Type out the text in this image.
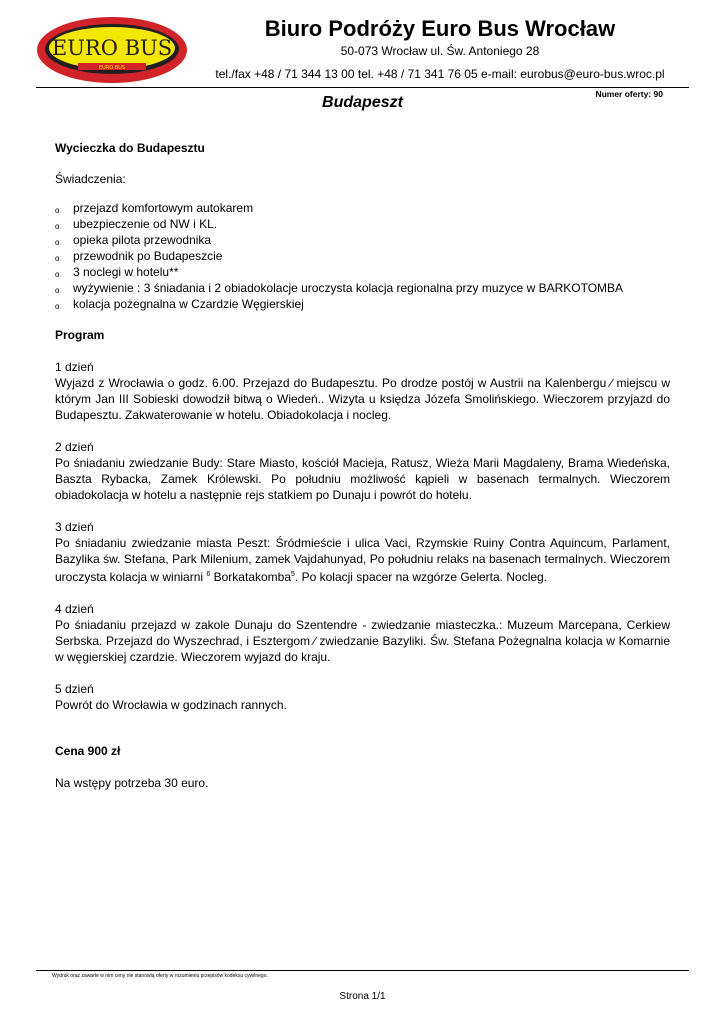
EURO BUS
EURO BUS
Biuro Podróży Euro Bus Wrocław
50-073 Wrocław ul. Św. Antoniego 28
tel./fax +48 / 71 344 13 00 tel. +48 / 71 341 76 05 e-mail: eurobus@euro-bus.wroc.pl
Budapeszt	Numer oferty: 90

Wycieczka do Budapesztu

Świadczenia:

o przejazd komfortowym autokarem
o ubezpieczenie od NW i KL.
o opieka pilota przewodnika
o przewodnik po Budapeszcie
o 3 noclegi w hotelu**
o wyżywienie : 3 śniadania i 2 obiadokolacje uroczysta kolacja regionalna przy muzyce w BARKOTOMBA
o kolacja pożegnalna w Czardzie Węgierskiej

Program

1 dzień

Wyjazd z Wrocławia o godz. 6.00. Przejazd do Budapesztu. Po drodze postój w Austrii na Kalenbergu ∕ miejscu w którym Jan III Sobieski dowodził bitwą o Wiedeń.. Wizyta u księdza Józefa Smolińskiego. Wieczorem przyjazd do Budapesztu. Zakwaterowanie w hotelu. Obiadokolacja i nocleg.

2 dzień

Po śniadaniu zwiedzanie Budy: Stare Miasto, kościół Macieja, Ratusz, Wieża Marii Magdaleny, Brama Wiedeńska, Baszta Rybacka, Zamek Królewski. Po południu możliwość kąpieli w basenach termalnych. Wieczorem obiadokolacja w hotelu a następnie rejs statkiem po Dunaju i powrót do hotelu.

3 dzień

Po śniadaniu zwiedzanie miasta Peszt: Śródmieście i ulica Vaci, Rzymskie Ruiny Contra Aquincum, Parlament, Bazylika św. Stefana, Park Milenium, zamek Vajdahunyad, Po południu relaks na basenach termalnych. Wieczorem uroczysta kolacja w winiarni $^6$ Borkatakomba$^5$. Po kolacji spacer na wzgórze Gelerta. Nocleg.

4 dzień

Po śniadaniu przejazd w zakole Dunaju do Szentendre - zwiedzanie miasteczka.: Muzeum Marcepana, Cerkiew Serbska. Przejazd do Wyszechrad, i Esztergom ∕ zwiedzanie Bazyliki. Św. Stefana Pożegnalna kolacja w Komarnie w węgierskiej czardzie. Wieczorem wyjazd do kraju.

5 dzień

Powrót do Wrocławia w godzinach rannych.

Cena 900 zł

Na wstępy potrzeba 30 euro.

Wydruk oraz zawarte w nim ceny nie stanowią oferty w rozumieniu przepisów kodeksu cywilnego.
Strona 1/1
